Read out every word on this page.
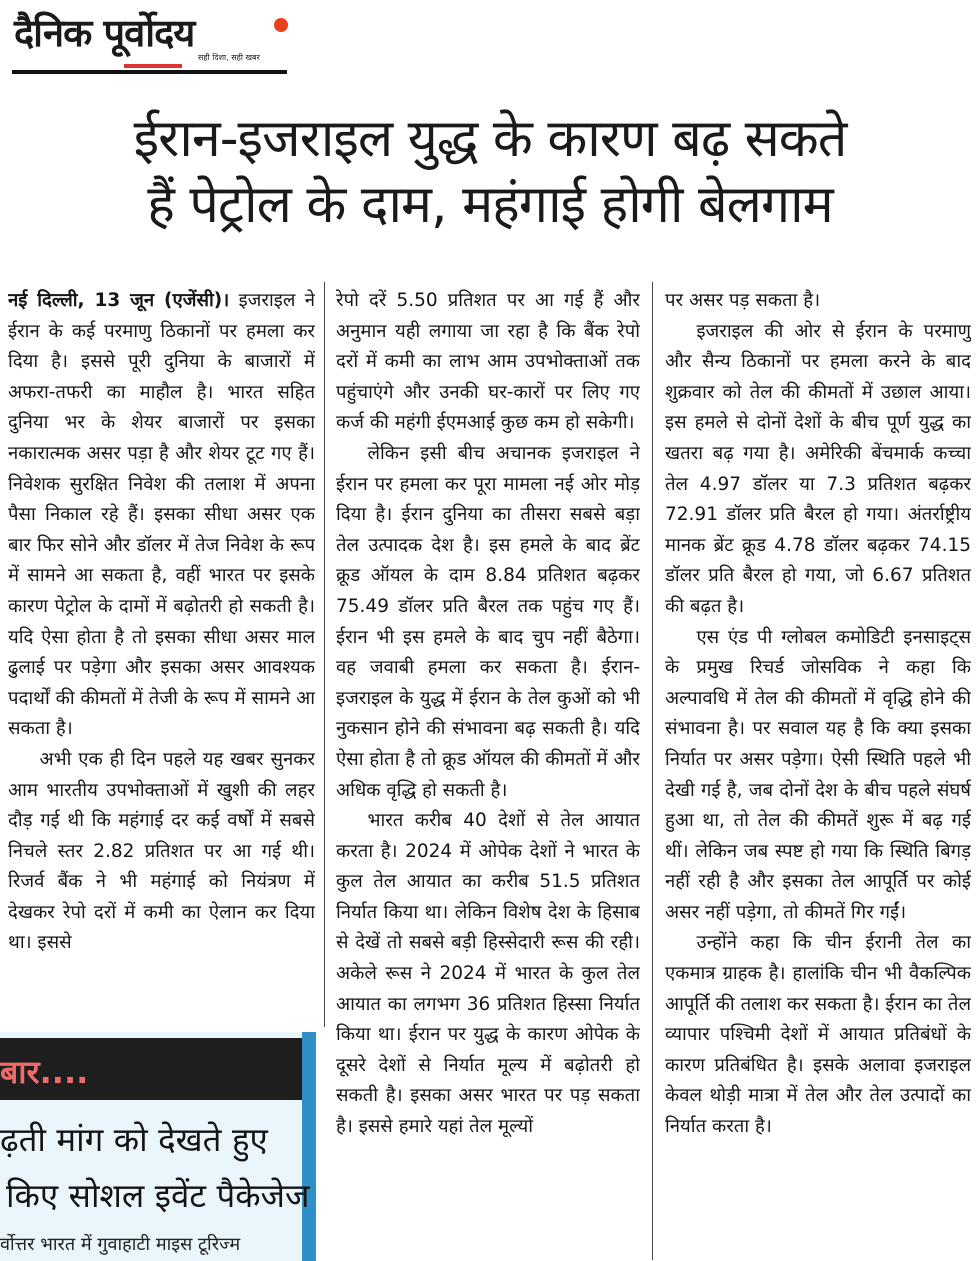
दैनिक पूर्वोदय
सही दिशा, सही खबर
ईरान-इजराइल युद्ध के कारण बढ़ सकते
हैं पेट्रोल के दाम, महंगाई होगी बेलगाम

नई दिल्ली, 13 जून (एजेंसी)। इजराइल ने ईरान के कई परमाणु ठिकानों पर हमला कर दिया है। इससे पूरी दुनिया के बाजारों में अफरा-तफरी का माहौल है। भारत सहित दुनिया भर के शेयर बाजारों पर इसका नकारात्मक असर पड़ा है और शेयर टूट गए हैं। निवेशक सुरक्षित निवेश की तलाश में अपना पैसा निकाल रहे हैं। इसका सीधा असर एक बार फिर सोने और डॉलर में तेज निवेश के रूप में सामने आ सकता है, वहीं भारत पर इसके कारण पेट्रोल के दामों में बढ़ोतरी हो सकती है। यदि ऐसा होता है तो इसका सीधा असर माल ढुलाई पर पड़ेगा और इसका असर आवश्यक पदार्थों की कीमतों में तेजी के रूप में सामने आ सकता है।

अभी एक ही दिन पहले यह खबर सुनकर आम भारतीय उपभोक्ताओं में खुशी की लहर दौड़ गई थी कि महंगाई दर कई वर्षों में सबसे निचले स्तर 2.82 प्रतिशत पर आ गई थी। रिजर्व बैंक ने भी महंगाई को नियंत्रण में देखकर रेपो दरों में कमी का ऐलान कर दिया था। इससे

रेपो दरें 5.50 प्रतिशत पर आ गई हैं और अनुमान यही लगाया जा रहा है कि बैंक रेपो दरों में कमी का लाभ आम उपभोक्ताओं तक पहुंचाएंगे और उनकी घर-कारों पर लिए गए कर्ज की महंगी ईएमआई कुछ कम हो सकेगी।

लेकिन इसी बीच अचानक इजराइल ने ईरान पर हमला कर पूरा मामला नई ओर मोड़ दिया है। ईरान दुनिया का तीसरा सबसे बड़ा तेल उत्पादक देश है। इस हमले के बाद ब्रेंट क्रूड ऑयल के दाम 8.84 प्रतिशत बढ़कर 75.49 डॉलर प्रति बैरल तक पहुंच गए हैं। ईरान भी इस हमले के बाद चुप नहीं बैठेगा। वह जवाबी हमला कर सकता है। ईरान-इजराइल के युद्ध में ईरान के तेल कुओं को भी नुकसान होने की संभावना बढ़ सकती है। यदि ऐसा होता है तो क्रूड ऑयल की कीमतों में और अधिक वृद्धि हो सकती है।

भारत करीब 40 देशों से तेल आयात करता है। 2024 में ओपेक देशों ने भारत के कुल तेल आयात का करीब 51.5 प्रतिशत निर्यात किया था। लेकिन विशेष देश के हिसाब से देखें तो सबसे बड़ी हिस्सेदारी रूस की रही। अकेले रूस ने 2024 में भारत के कुल तेल आयात का लगभग 36 प्रतिशत हिस्सा निर्यात किया था। ईरान पर युद्ध के कारण ओपेक के दूसरे देशों से निर्यात मूल्य में बढ़ोतरी हो सकती है। इसका असर भारत पर पड़ सकता है। इससे हमारे यहां तेल मूल्यों

पर असर पड़ सकता है।

इजराइल की ओर से ईरान के परमाणु और सैन्य ठिकानों पर हमला करने के बाद शुक्रवार को तेल की कीमतों में उछाल आया। इस हमले से दोनों देशों के बीच पूर्ण युद्ध का खतरा बढ़ गया है। अमेरिकी बेंचमार्क कच्चा तेल 4.97 डॉलर या 7.3 प्रतिशत बढ़कर 72.91 डॉलर प्रति बैरल हो गया। अंतर्राष्ट्रीय मानक ब्रेंट क्रूड 4.78 डॉलर बढ़कर 74.15 डॉलर प्रति बैरल हो गया, जो 6.67 प्रतिशत की बढ़त है।

एस एंड पी ग्लोबल कमोडिटी इनसाइट्स के प्रमुख रिचर्ड जोसविक ने कहा कि अल्पावधि में तेल की कीमतों में वृद्धि होने की संभावना है। पर सवाल यह है कि क्या इसका निर्यात पर असर पड़ेगा। ऐसी स्थिति पहले भी देखी गई है, जब दोनों देश के बीच पहले संघर्ष हुआ था, तो तेल की कीमतें शुरू में बढ़ गई थीं। लेकिन जब स्पष्ट हो गया कि स्थिति बिगड़ नहीं रही है और इसका तेल आपूर्ति पर कोई असर नहीं पड़ेगा, तो कीमतें गिर गईं।

उन्होंने कहा कि चीन ईरानी तेल का एकमात्र ग्राहक है। हालांकि चीन भी वैकल्पिक आपूर्ति की तलाश कर सकता है। ईरान का तेल व्यापार पश्चिमी देशों में आयात प्रतिबंधों के कारण प्रतिबंधित है। इसके अलावा इजराइल केवल थोड़ी मात्रा में तेल और तेल उत्पादों का निर्यात करता है।

बार....
ढ़ती मांग को देखते हुए
किए सोशल इवेंट पैकेजेज
र्वोत्तर भारत में गुवाहाटी माइस टूरिज्म
